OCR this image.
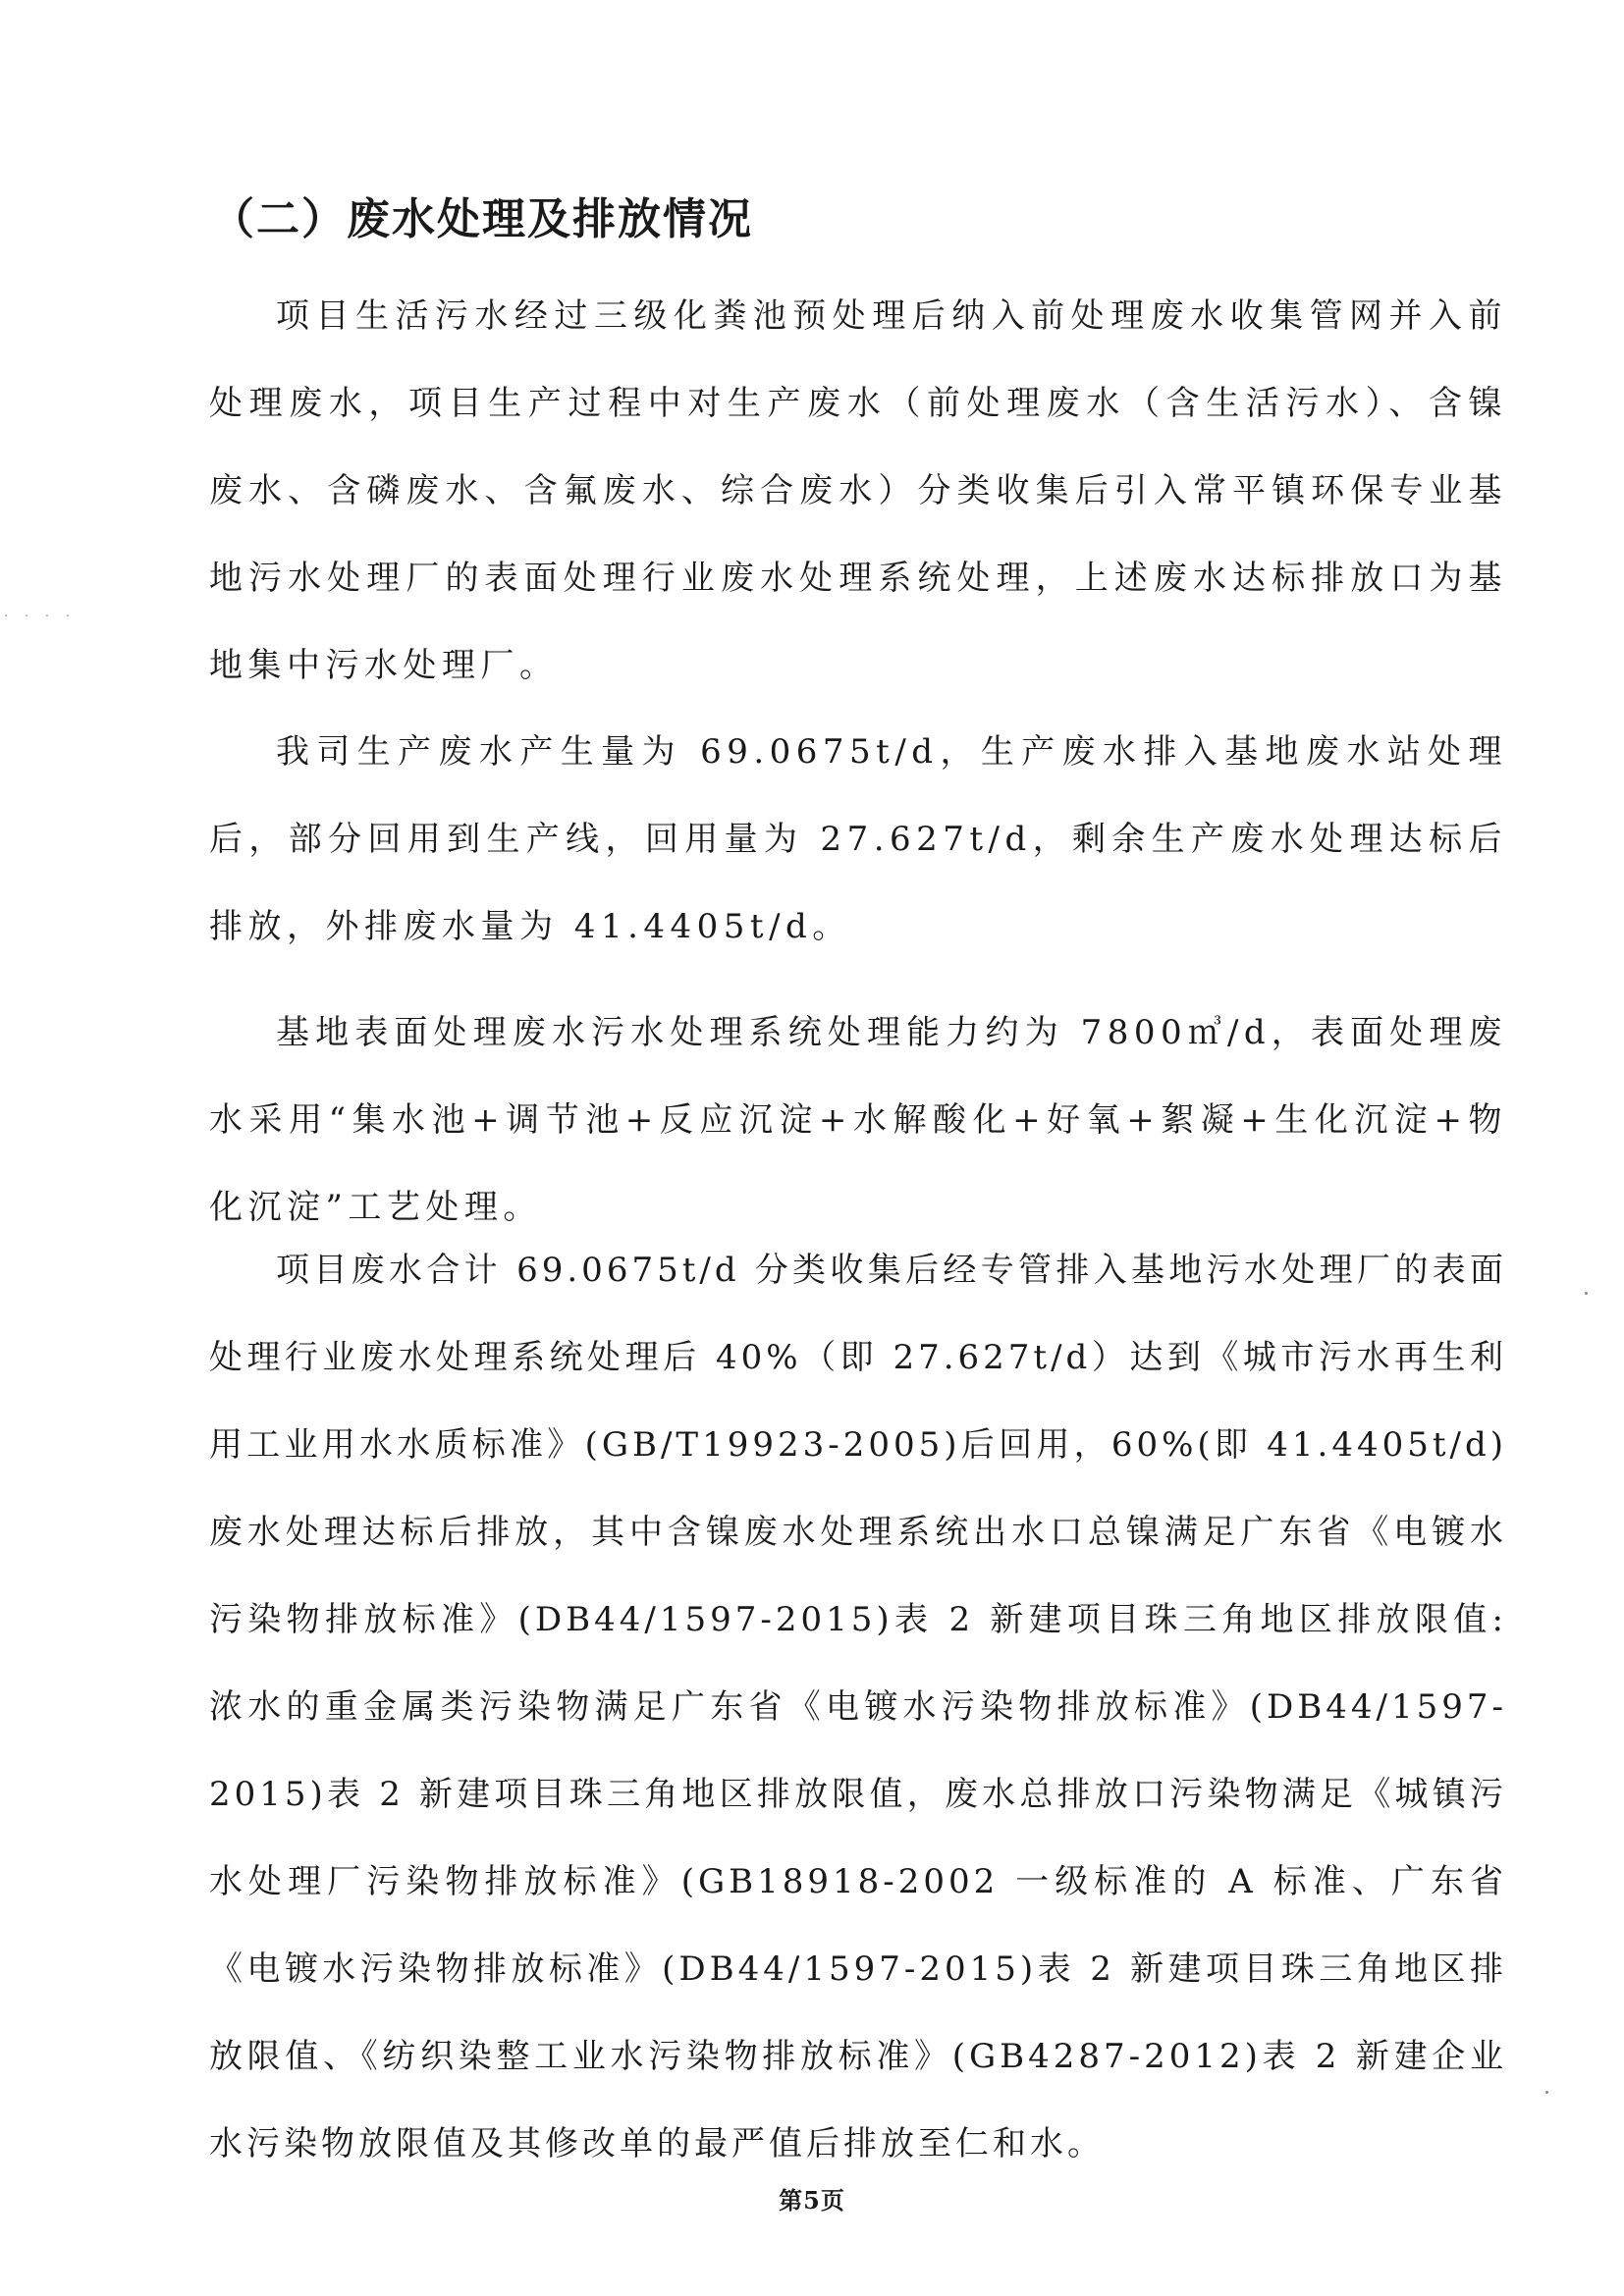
· · · ·
（二）废水处理及排放情况

项目生活污水经过三级化粪池预处理后纳入前处理废水收集管网并入前处理废水，项目生产过程中对生产废水（前处理废水（含生活污水）、含镍废水、含磷废水、含氟废水、综合废水）分类收集后引入常平镇环保专业基地污水处理厂的表面处理行业废水处理系统处理，上述废水达标排放口为基地集中污水处理厂。

我司生产废水产生量为 69.0675t/d，生产废水排入基地废水站处理后，部分回用到生产线，回用量为 27.627t/d，剩余生产废水处理达标后排放，外排废水量为 41.4405t/d。

基地表面处理废水污水处理系统处理能力约为 7800㎥/d，表面处理废水采用“集水池+调节池+反应沉淀+水解酸化+好氧+絮凝+生化沉淀+物化沉淀”工艺处理。

项目废水合计 69.0675t/d 分类收集后经专管排入基地污水处理厂的表面处理行业废水处理系统处理后 40%（即 27.627t/d）达到《城市污水再生利用工业用水水质标准》(GB/T19923-2005)后回用，60%(即 41.4405t/d)废水处理达标后排放，其中含镍废水处理系统出水口总镍满足广东省《电镀水污染物排放标准》(DB44/1597-2015)表 2 新建项目珠三角地区排放限值:浓水的重金属类污染物满足广东省《电镀水污染物排放标准》(DB44/1597-2015)表 2 新建项目珠三角地区排放限值，废水总排放口污染物满足《城镇污水处理厂污染物排放标准》(GB18918-2002 一级标准的 A 标准、广东省《电镀水污染物排放标准》(DB44/1597-2015)表 2 新建项目珠三角地区排放限值、《纺织染整工业水污染物排放标准》(GB4287-2012)表 2 新建企业水污染物放限值及其修改单的最严值后排放至仁和水。

第5页
